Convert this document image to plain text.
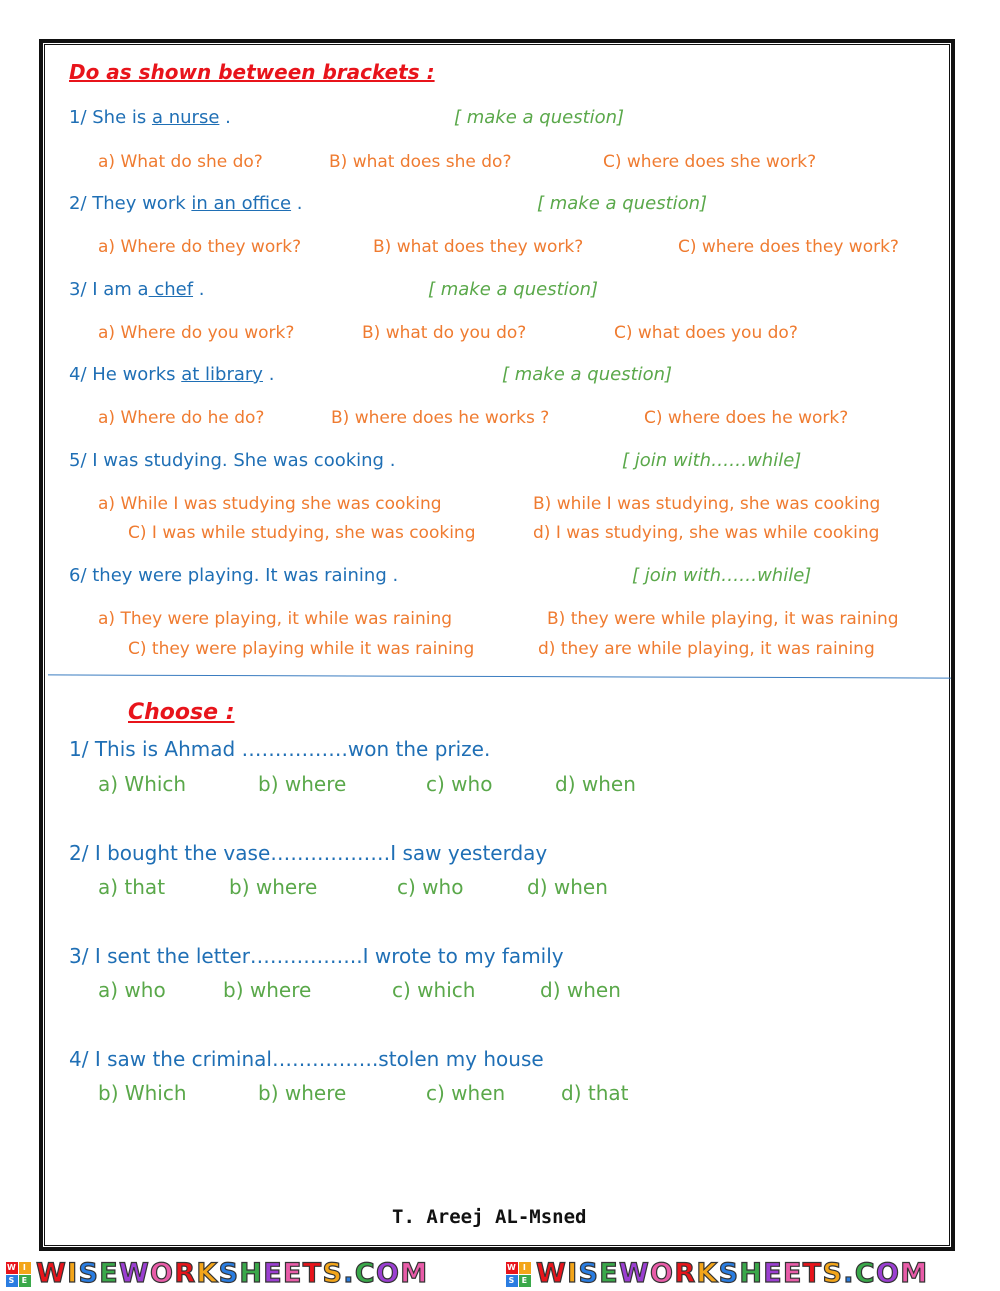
Do as shown between brackets :
1/ She is a nurse .	[ make a question]
a) What do she do?	B) what does she do?	C) where does she work?
2/ They work in an office .	[ make a question]
a) Where do they work?	B) what does they work?	C) where does they work?
3/ I am a chef .	[ make a question]
a) Where do you work?	B) what do you do?	C) what does you do?
4/ He works at library .	[ make a question]
a) Where do he do?	B) where does he works ?	C) where does he work?
5/ I was studying. She was cooking .	[ join with……while]
a) While I was studying she was cooking	B) while I was studying, she was cooking
C) I was while studying, she was cooking	d) I was studying, she was while cooking
6/ they were playing. It was raining .	[ join with……while]
a) They were playing, it while was raining	B) they were while playing, it was raining
C) they were playing while it was raining	d) they are while playing, it was raining
Choose :
1/ This is Ahmad …………….won the prize.
a) Which	b) where	c) who	d) when
2/ I bought the vase………………I saw yesterday
a) that	b) where	c) who	d) when
3/ I sent the letter……………..I wrote to my family
a) who	b) where	c) which	d) when
4/ I saw the criminal…………….stolen my house
b) Which	b) where	c) when	d) that
T. Areej AL-Msned
W I
S E WISEWORKSHEETS.COM	W I
S E WISEWORKSHEETS.COM
